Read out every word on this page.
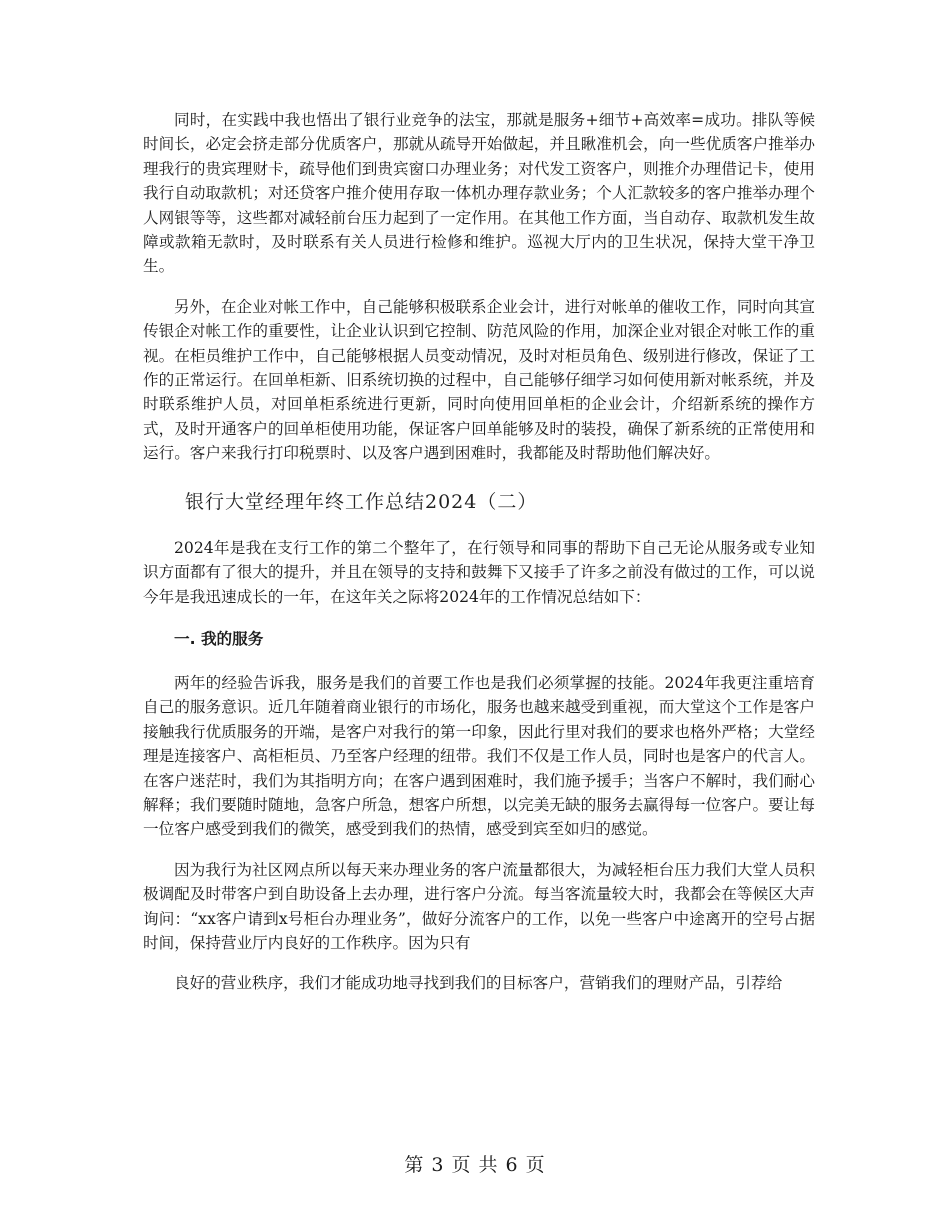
同时，在实践中我也悟出了银行业竞争的法宝，那就是服务+细节+高效率=成功。排队等候时间长，必定会挤走部分优质客户，那就从疏导开始做起，并且瞅准机会，向一些优质客户推举办理我行的贵宾理财卡，疏导他们到贵宾窗口办理业务；对代发工资客户，则推介办理借记卡，使用我行自动取款机；对还贷客户推介使用存取一体机办理存款业务；个人汇款较多的客户推举办理个人网银等等，这些都对减轻前台压力起到了一定作用。在其他工作方面，当自动存、取款机发生故障或款箱无款时，及时联系有关人员进行检修和维护。巡视大厅内的卫生状况，保持大堂干净卫生。

另外，在企业对帐工作中，自己能够积极联系企业会计，进行对帐单的催收工作，同时向其宣传银企对帐工作的重要性，让企业认识到它控制、防范风险的作用，加深企业对银企对帐工作的重视。在柜员维护工作中，自己能够根据人员变动情况，及时对柜员角色、级别进行修改，保证了工作的正常运行。在回单柜新、旧系统切换的过程中，自己能够仔细学习如何使用新对帐系统，并及时联系维护人员，对回单柜系统进行更新，同时向使用回单柜的企业会计，介绍新系统的操作方式，及时开通客户的回单柜使用功能，保证客户回单能够及时的装投，确保了新系统的正常使用和运行。客户来我行打印税票时、以及客户遇到困难时，我都能及时帮助他们解决好。

银行大堂经理年终工作总结2024（二）

2024年是我在支行工作的第二个整年了，在行领导和同事的帮助下自己无论从服务或专业知识方面都有了很大的提升，并且在领导的支持和鼓舞下又接手了许多之前没有做过的工作，可以说今年是我迅速成长的一年，在这年关之际将2024年的工作情况总结如下：

一. 我的服务

两年的经验告诉我，服务是我们的首要工作也是我们必须掌握的技能。2024年我更注重培育自己的服务意识。近几年随着商业银行的市场化，服务也越来越受到重视，而大堂这个工作是客户接触我行优质服务的开端，是客户对我行的第一印象，因此行里对我们的要求也格外严格；大堂经理是连接客户、高柜柜员、乃至客户经理的纽带。我们不仅是工作人员，同时也是客户的代言人。在客户迷茫时，我们为其指明方向；在客户遇到困难时，我们施予援手；当客户不解时，我们耐心解释；我们要随时随地，急客户所急，想客户所想，以完美无缺的服务去赢得每一位客户。要让每一位客户感受到我们的微笑，感受到我们的热情，感受到宾至如归的感觉。

因为我行为社区网点所以每天来办理业务的客户流量都很大，为减轻柜台压力我们大堂人员积极调配及时带客户到自助设备上去办理，进行客户分流。每当客流量较大时，我都会在等候区大声询问：“xx客户请到x号柜台办理业务”，做好分流客户的工作，以免一些客户中途离开的空号占据时间，保持营业厅内良好的工作秩序。因为只有

良好的营业秩序，我们才能成功地寻找到我们的目标客户，营销我们的理财产品，引荐给

第 3 页 共 6 页
